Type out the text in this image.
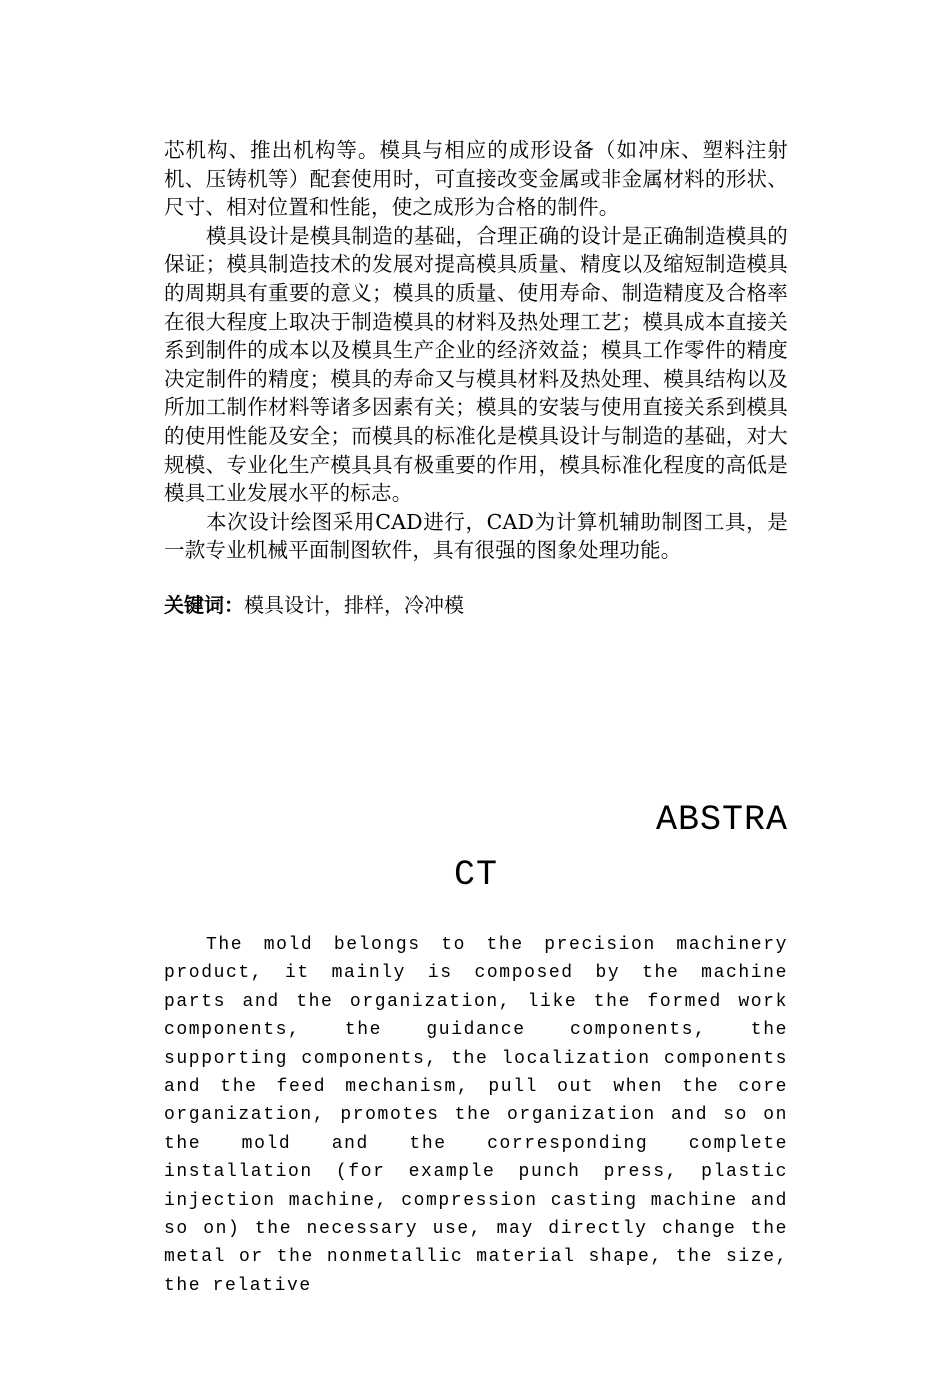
芯机构、推出机构等。模具与相应的成形设备（如冲床、塑料注射机、压铸机等）配套使用时，可直接改变金属或非金属材料的形状、尺寸、相对位置和性能，使之成形为合格的制件。

模具设计是模具制造的基础，合理正确的设计是正确制造模具的保证；模具制造技术的发展对提高模具质量、精度以及缩短制造模具的周期具有重要的意义；模具的质量、使用寿命、制造精度及合格率在很大程度上取决于制造模具的材料及热处理工艺；模具成本直接关系到制件的成本以及模具生产企业的经济效益；模具工作零件的精度决定制件的精度；模具的寿命又与模具材料及热处理、模具结构以及所加工制作材料等诸多因素有关；模具的安装与使用直接关系到模具的使用性能及安全；而模具的标准化是模具设计与制造的基础，对大规模、专业化生产模具具有极重要的作用，模具标准化程度的高低是模具工业发展水平的标志。

本次设计绘图采用CAD进行，CAD为计算机辅助制图工具，是一款专业机械平面制图软件，具有很强的图象处理功能。

关键词：模具设计，排样，冷冲模
ABSTRA
CT

The mold belongs to the precision machinery product, it mainly is composed by the machine parts and the organization, like the formed work components, the guidance components, the supporting components, the localization components and the feed mechanism, pull out when the core organization, promotes the organization and so on the mold and the corresponding complete installation (for example punch press, plastic injection machine, compression casting machine and so on) the necessary use, may directly change the metal or the nonmetallic material shape, the size, the relative
